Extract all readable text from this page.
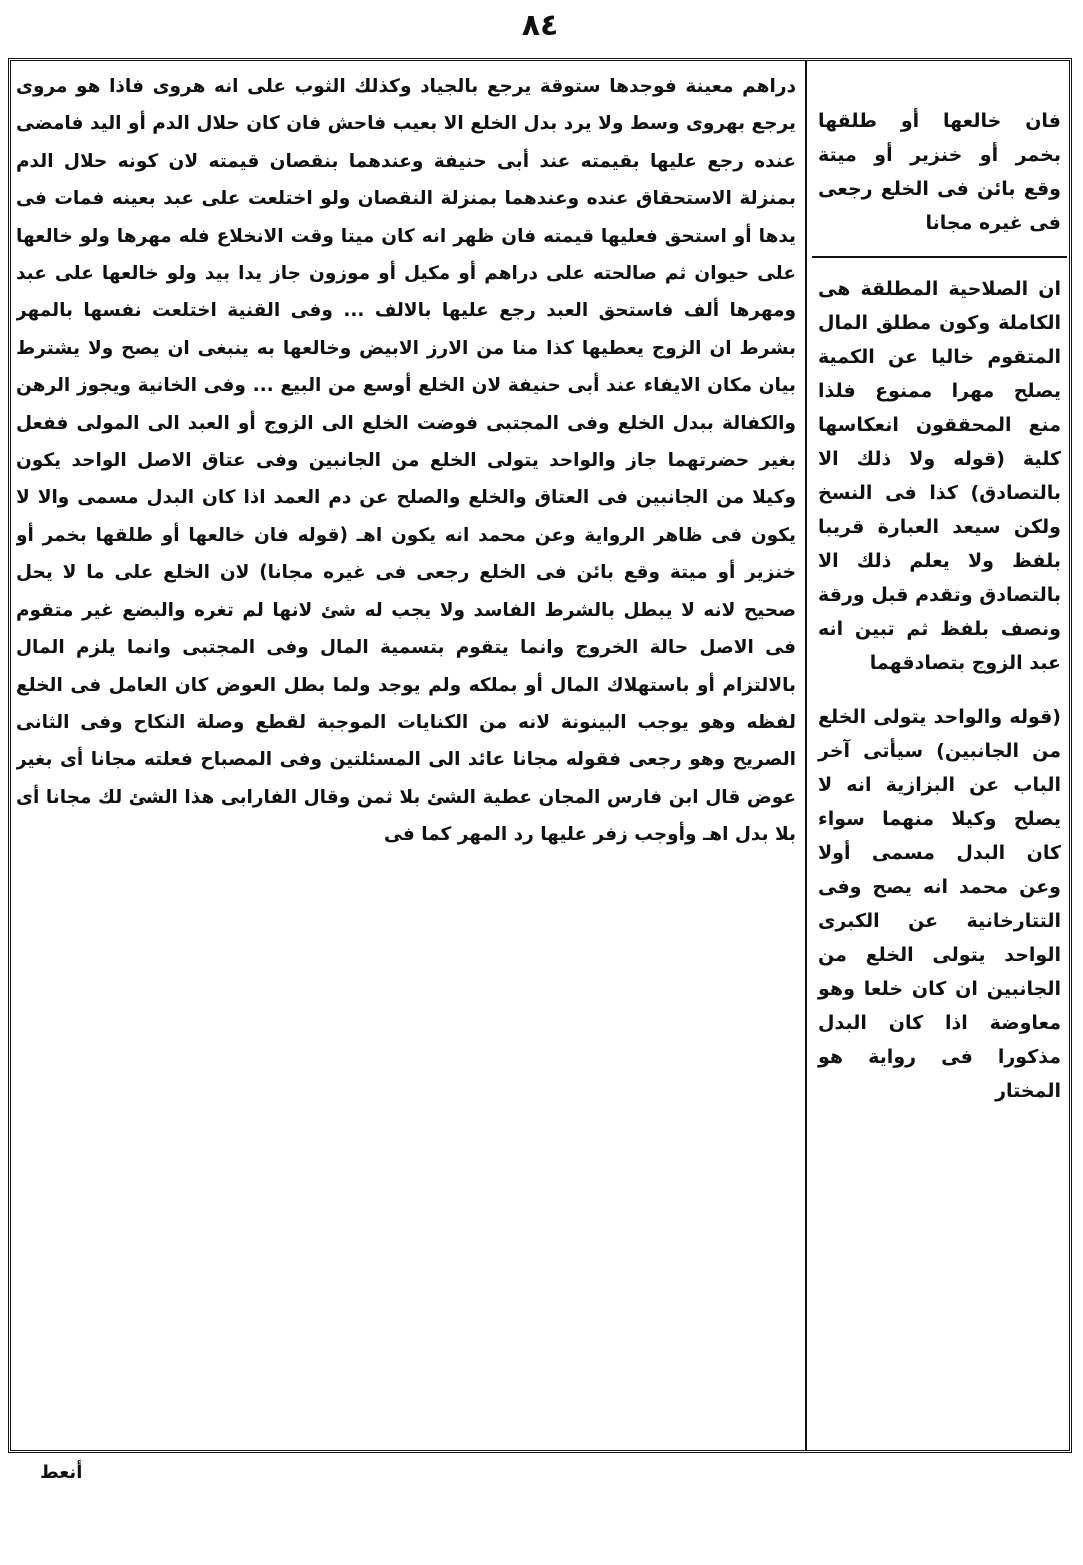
٨٤
دراهم معينة فوجدها ستوقة يرجع بالجياد وكذلك الثوب على انه هروى فاذا هو مروى يرجع بهروى وسط ولا يرد بدل الخلع الا بعيب فاحش فان كان حلال الدم أو اليد فامضى عنده رجع عليها بقيمته عند أبى حنيفة وعندهما بنقصان قيمته لان كونه حلال الدم بمنزلة الاستحقاق عنده وعندهما بمنزلة النقصان ولو اختلعت على عبد بعينه فمات فى يدها أو استحق فعليها قيمته فان ظهر انه كان ميتا وقت الانخلاع فله مهرها ولو خالعها على حيوان ثم صالحته على دراهم أو مكيل أو موزون جاز يدا بيد ولو خالعها على عبد ومهرها ألف فاستحق العبد رجع عليها بالالف ... وفى القنية اختلعت نفسها بالمهر بشرط ان الزوج يعطيها كذا منا من الارز الابيض وخالعها به ينبغى ان يصح ولا يشترط بيان مكان الايفاء عند أبى حنيفة لان الخلع أوسع من البيع ... وفى الخانية ويجوز الرهن والكفالة ببدل الخلع وفى المجتبى فوضت الخلع الى الزوج أو العبد الى المولى ففعل بغير حضرتهما جاز والواحد يتولى الخلع من الجانبين وفى عتاق الاصل الواحد يكون وكيلا من الجانبين فى العتاق والخلع والصلح عن دم العمد اذا كان البدل مسمى والا لا يكون فى ظاهر الرواية وعن محمد انه يكون اهـ (قوله فان خالعها أو طلقها بخمر أو خنزير أو ميتة وقع بائن فى الخلع رجعى فى غيره مجانا) لان الخلع على ما لا يحل صحيح لانه لا يبطل بالشرط الفاسد ولا يجب له شئ لانها لم تغره والبضع غير متقوم فى الاصل حالة الخروج وانما يتقوم بتسمية المال وفى المجتبى وانما يلزم المال بالالتزام أو باستهلاك المال أو بملكه ولم يوجد ولما بطل العوض كان العامل فى الخلع لفظه وهو يوجب البينونة لانه من الكنايات الموجبة لقطع وصلة النكاح وفى الثانى الصريح وهو رجعى فقوله مجانا عائد الى المسئلتين وفى المصباح فعلته مجانا أى بغير عوض قال ابن فارس المجان عطية الشئ بلا ثمن وقال الفارابى هذا الشئ لك مجانا أى بلا بدل اهـ وأوجب زفر عليها رد المهر كما فى
فان خالعها أو طلقها بخمر أو خنزير أو ميتة وقع بائن فى الخلع رجعى فى غيره مجانا
ان الصلاحية المطلقة هى الكاملة وكون مطلق المال المتقوم خاليا عن الكمية يصلح مهرا ممنوع فلذا منع المحققون انعكاسها كلية (قوله ولا ذلك الا بالتصادق) كذا فى النسخ ولكن سيعد العبارة قريبا بلفظ ولا يعلم ذلك الا بالتصادق وتقدم قبل ورقة ونصف بلفظ ثم تبين انه عبد الزوج بتصادقهما
(قوله والواحد يتولى الخلع من الجانبين) سيأتى آخر الباب عن البزازية انه لا يصلح وكيلا منهما سواء كان البدل مسمى أولا وعن محمد انه يصح وفى التتارخانية عن الكبرى الواحد يتولى الخلع من الجانبين ان كان خلعا وهو معاوضة اذا كان البدل مذكورا فى رواية هو المختار
أنعط
